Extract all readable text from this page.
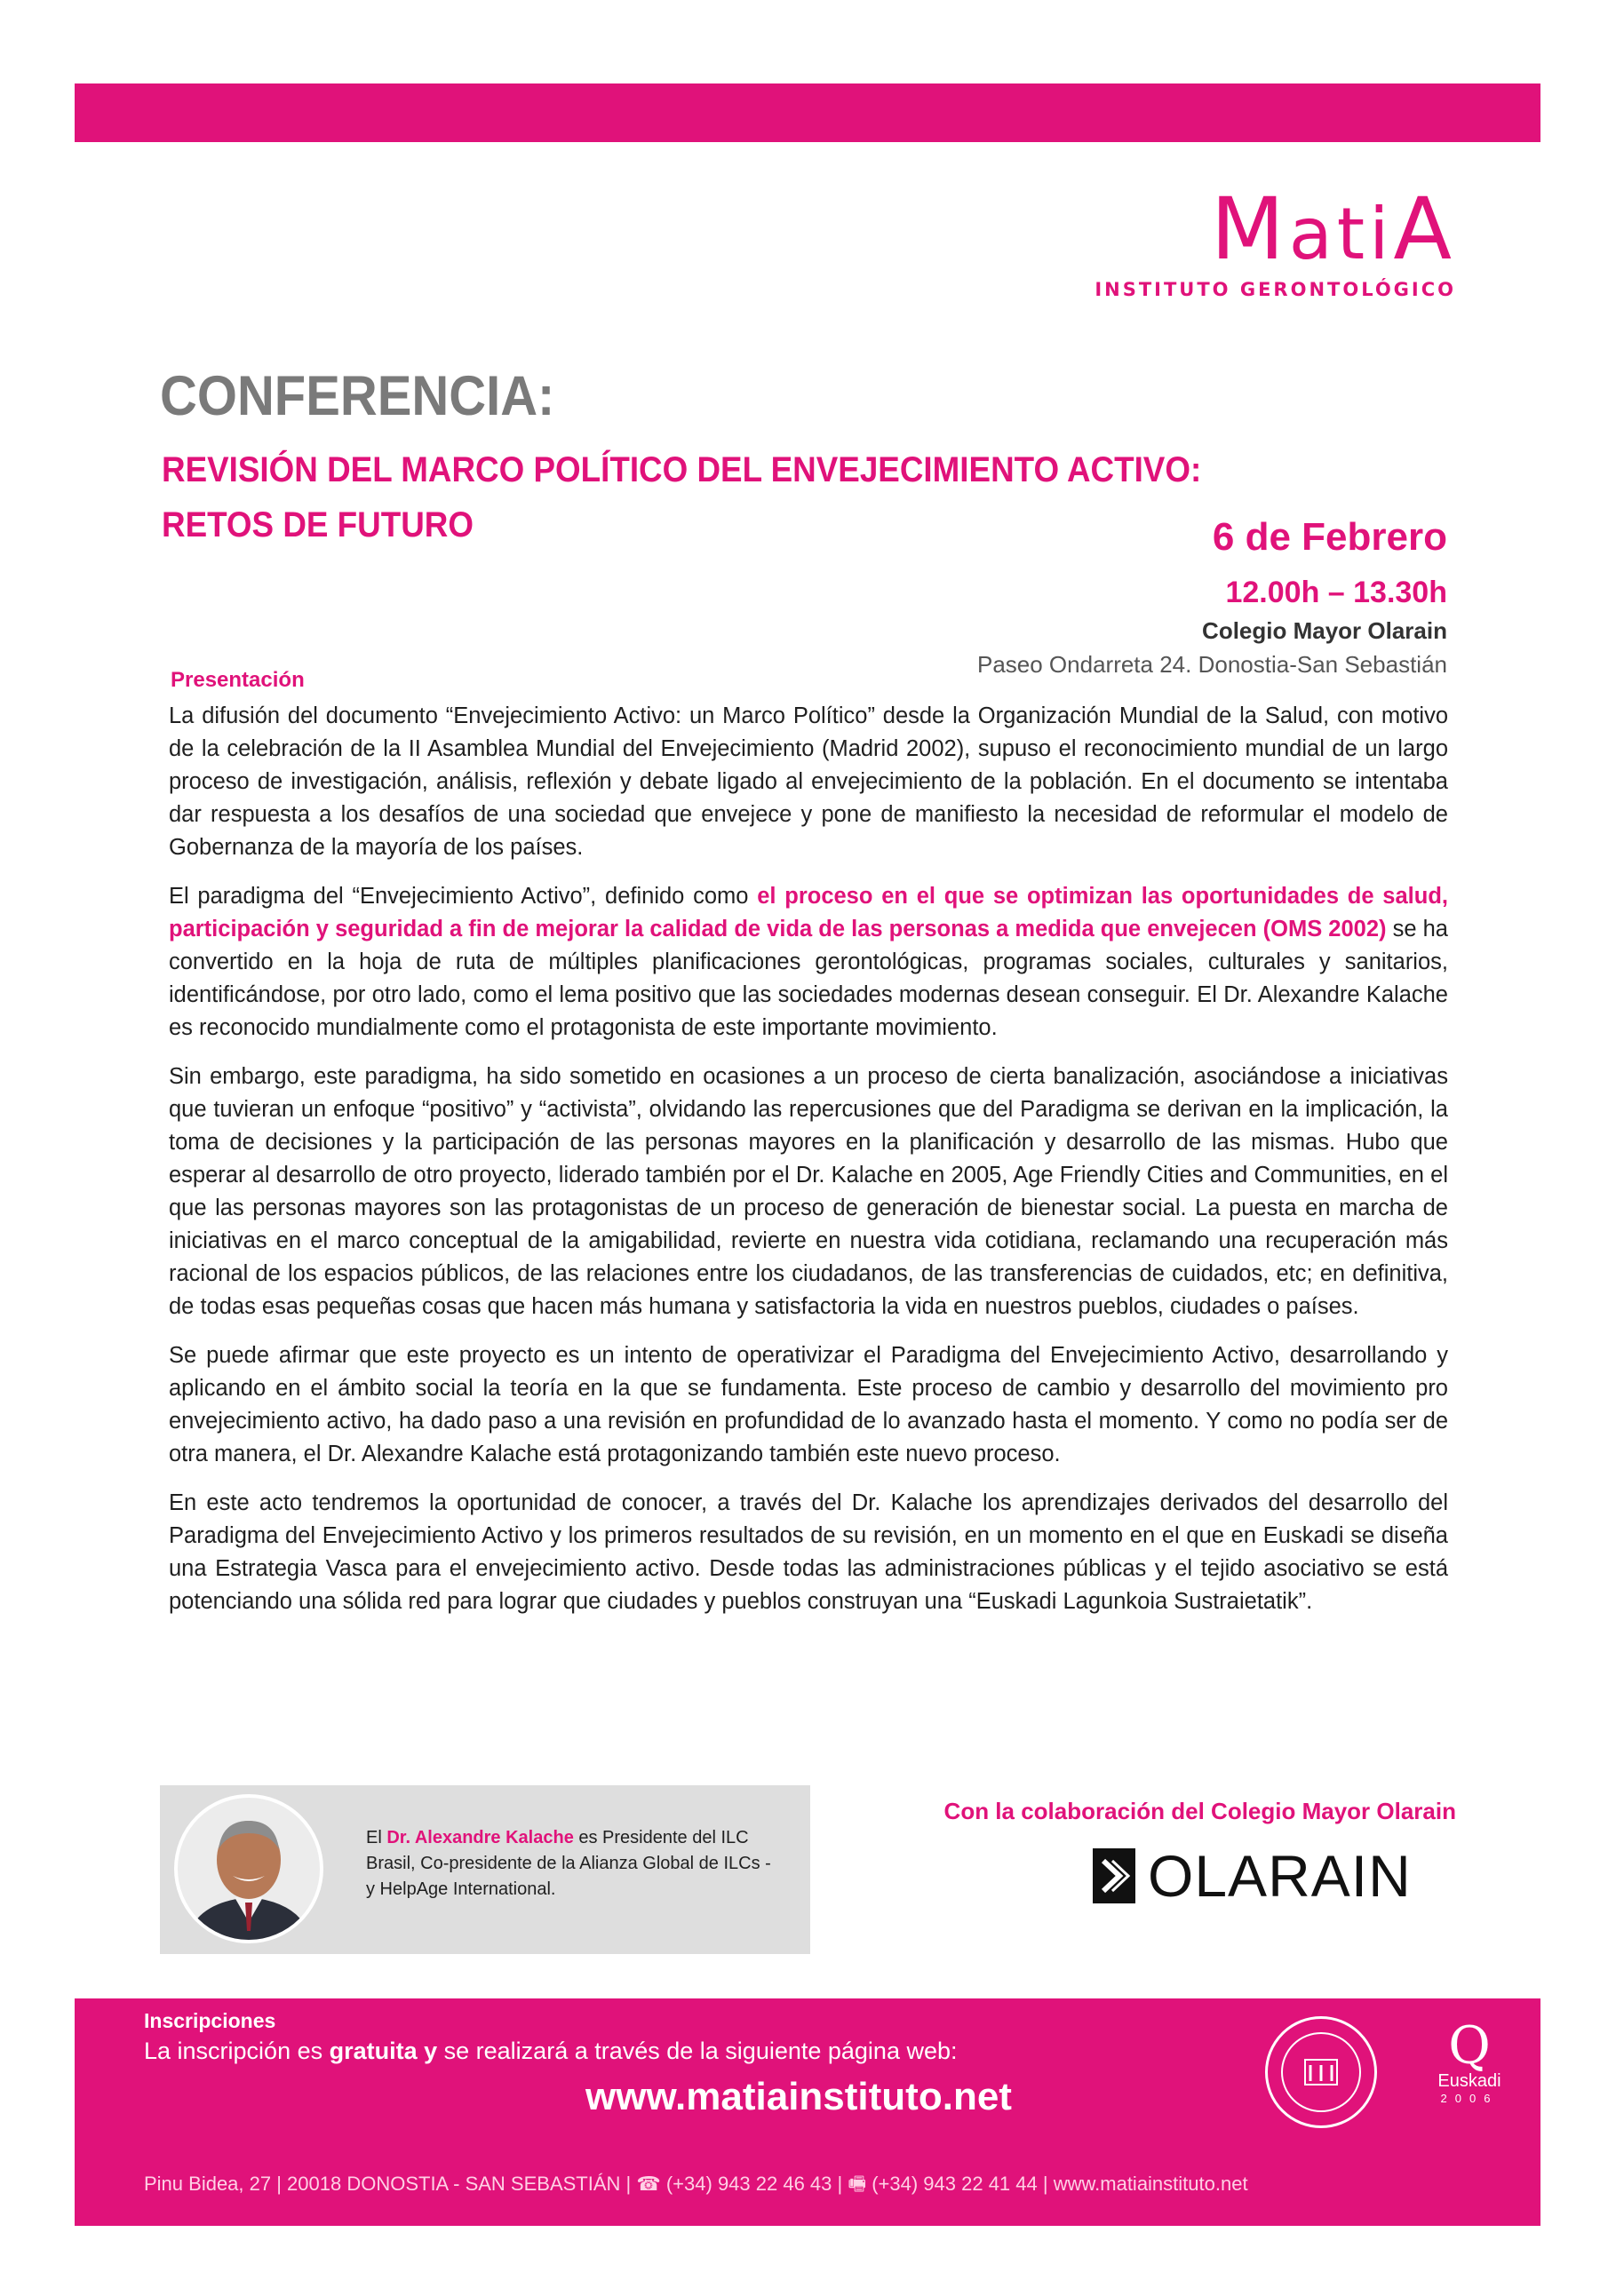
MatiA
INSTITUTO GERONTOLÓGICO
CONFERENCIA:
REVISIÓN DEL MARCO POLÍTICO DEL ENVEJECIMIENTO ACTIVO:
RETOS DE FUTURO	6 de Febrero
12.00h – 13.30h
Colegio Mayor Olarain
Paseo Ondarreta 24. Donostia-San Sebastián
Presentación

La difusión del documento “Envejecimiento Activo: un Marco Político” desde la Organización Mundial de la Salud, con motivo de la celebración de la II Asamblea Mundial del Envejecimiento (Madrid 2002), supuso el reconocimiento mundial de un largo proceso de investigación, análisis, reflexión y debate ligado al envejecimiento de la población. En el documento se intentaba dar respuesta a los desafíos de una sociedad que envejece y pone de manifiesto la necesidad de reformular el modelo de Gobernanza de la mayoría de los países.

El paradigma del “Envejecimiento Activo”, definido como el proceso en el que se optimizan las oportunidades de salud, participación y seguridad a fin de mejorar la calidad de vida de las personas a medida que envejecen (OMS 2002) se ha convertido en la hoja de ruta de múltiples planificaciones gerontológicas, programas sociales, culturales y sanitarios, identificándose, por otro lado, como el lema positivo que las sociedades modernas desean conseguir. El Dr. Alexandre Kalache es reconocido mundialmente como el protagonista de este importante movimiento.

Sin embargo, este paradigma, ha sido sometido en ocasiones a un proceso de cierta banalización, asociándose a iniciativas que tuvieran un enfoque “positivo” y “activista”, olvidando las repercusiones que del Paradigma se derivan en la implicación, la toma de decisiones y la participación de las personas mayores en la planificación y desarrollo de las mismas. Hubo que esperar al desarrollo de otro proyecto, liderado también por el Dr. Kalache en 2005, Age Friendly Cities and Communities, en el que las personas mayores son las protagonistas de un proceso de generación de bienestar social. La puesta en marcha de iniciativas en el marco conceptual de la amigabilidad, revierte en nuestra vida cotidiana, reclamando una recuperación más racional de los espacios públicos, de las relaciones entre los ciudadanos, de las transferencias de cuidados, etc; en definitiva, de todas esas pequeñas cosas que hacen más humana y satisfactoria la vida en nuestros pueblos, ciudades o países.

Se puede afirmar que este proyecto es un intento de operativizar el Paradigma del Envejecimiento Activo, desarrollando y aplicando en el ámbito social la teoría en la que se fundamenta. Este proceso de cambio y desarrollo del movimiento pro envejecimiento activo, ha dado paso a una revisión en profundidad de lo avanzado hasta el momento. Y como no podía ser de otra manera, el Dr. Alexandre Kalache está protagonizando también este nuevo proceso.

En este acto tendremos la oportunidad de conocer, a través del Dr. Kalache los aprendizajes derivados del desarrollo del Paradigma del Envejecimiento Activo y los primeros resultados de su revisión, en un momento en el que en Euskadi se diseña una Estrategia Vasca para el envejecimiento activo. Desde todas las administraciones públicas y el tejido asociativo se está potenciando una sólida red para lograr que ciudades y pueblos construyan una “Euskadi Lagunkoia Sustraietatik”.

El Dr. Alexandre Kalache es Presidente del ILC Brasil, Co-presidente de la Alianza Global de ILCs - y HelpAge International.
Con la colaboración del Colegio Mayor Olarain
OLARAIN
Inscripciones
La inscripción es gratuita y se realizará a través de la siguiente página web:
www.matiainstituto.net
Pinu Bidea, 27 | 20018 DONOSTIA - SAN SEBASTIÁN | ☎ (+34) 943 22 46 43 | 🖷 (+34) 943 22 41 44 | www.matiainstituto.net
Q
Euskadi
2006
